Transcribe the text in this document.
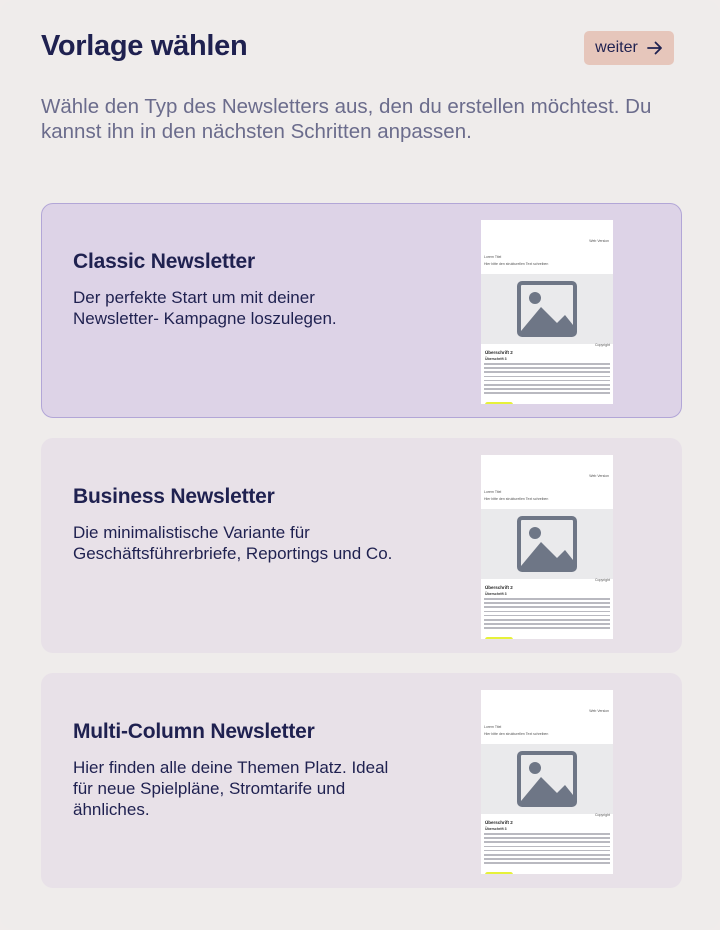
Vorlage wählen	weiter

Wähle den Typ des Newsletters aus, den du erstellen möchtest. Du kannst ihn in den nächsten Schritten anpassen.

Classic Newsletter

Der perfekte Start um mit deiner Newsletter- Kampagne loszulegen.

Web Version
Lorem Titel
Hier bitte den strukturellen Text schreiben
Copyright
Überschrift 2
Überschrift 3
Business Newsletter

Die minimalistische Variante für Geschäftsführerbriefe, Reportings und Co.

Web Version
Lorem Titel
Hier bitte den strukturellen Text schreiben
Copyright
Überschrift 2
Überschrift 3
Multi-Column Newsletter

Hier finden alle deine Themen Platz. Ideal für neue Spielpläne, Stromtarife und ähnliches.

Web Version
Lorem Titel
Hier bitte den strukturellen Text schreiben
Copyright
Überschrift 2
Überschrift 3
